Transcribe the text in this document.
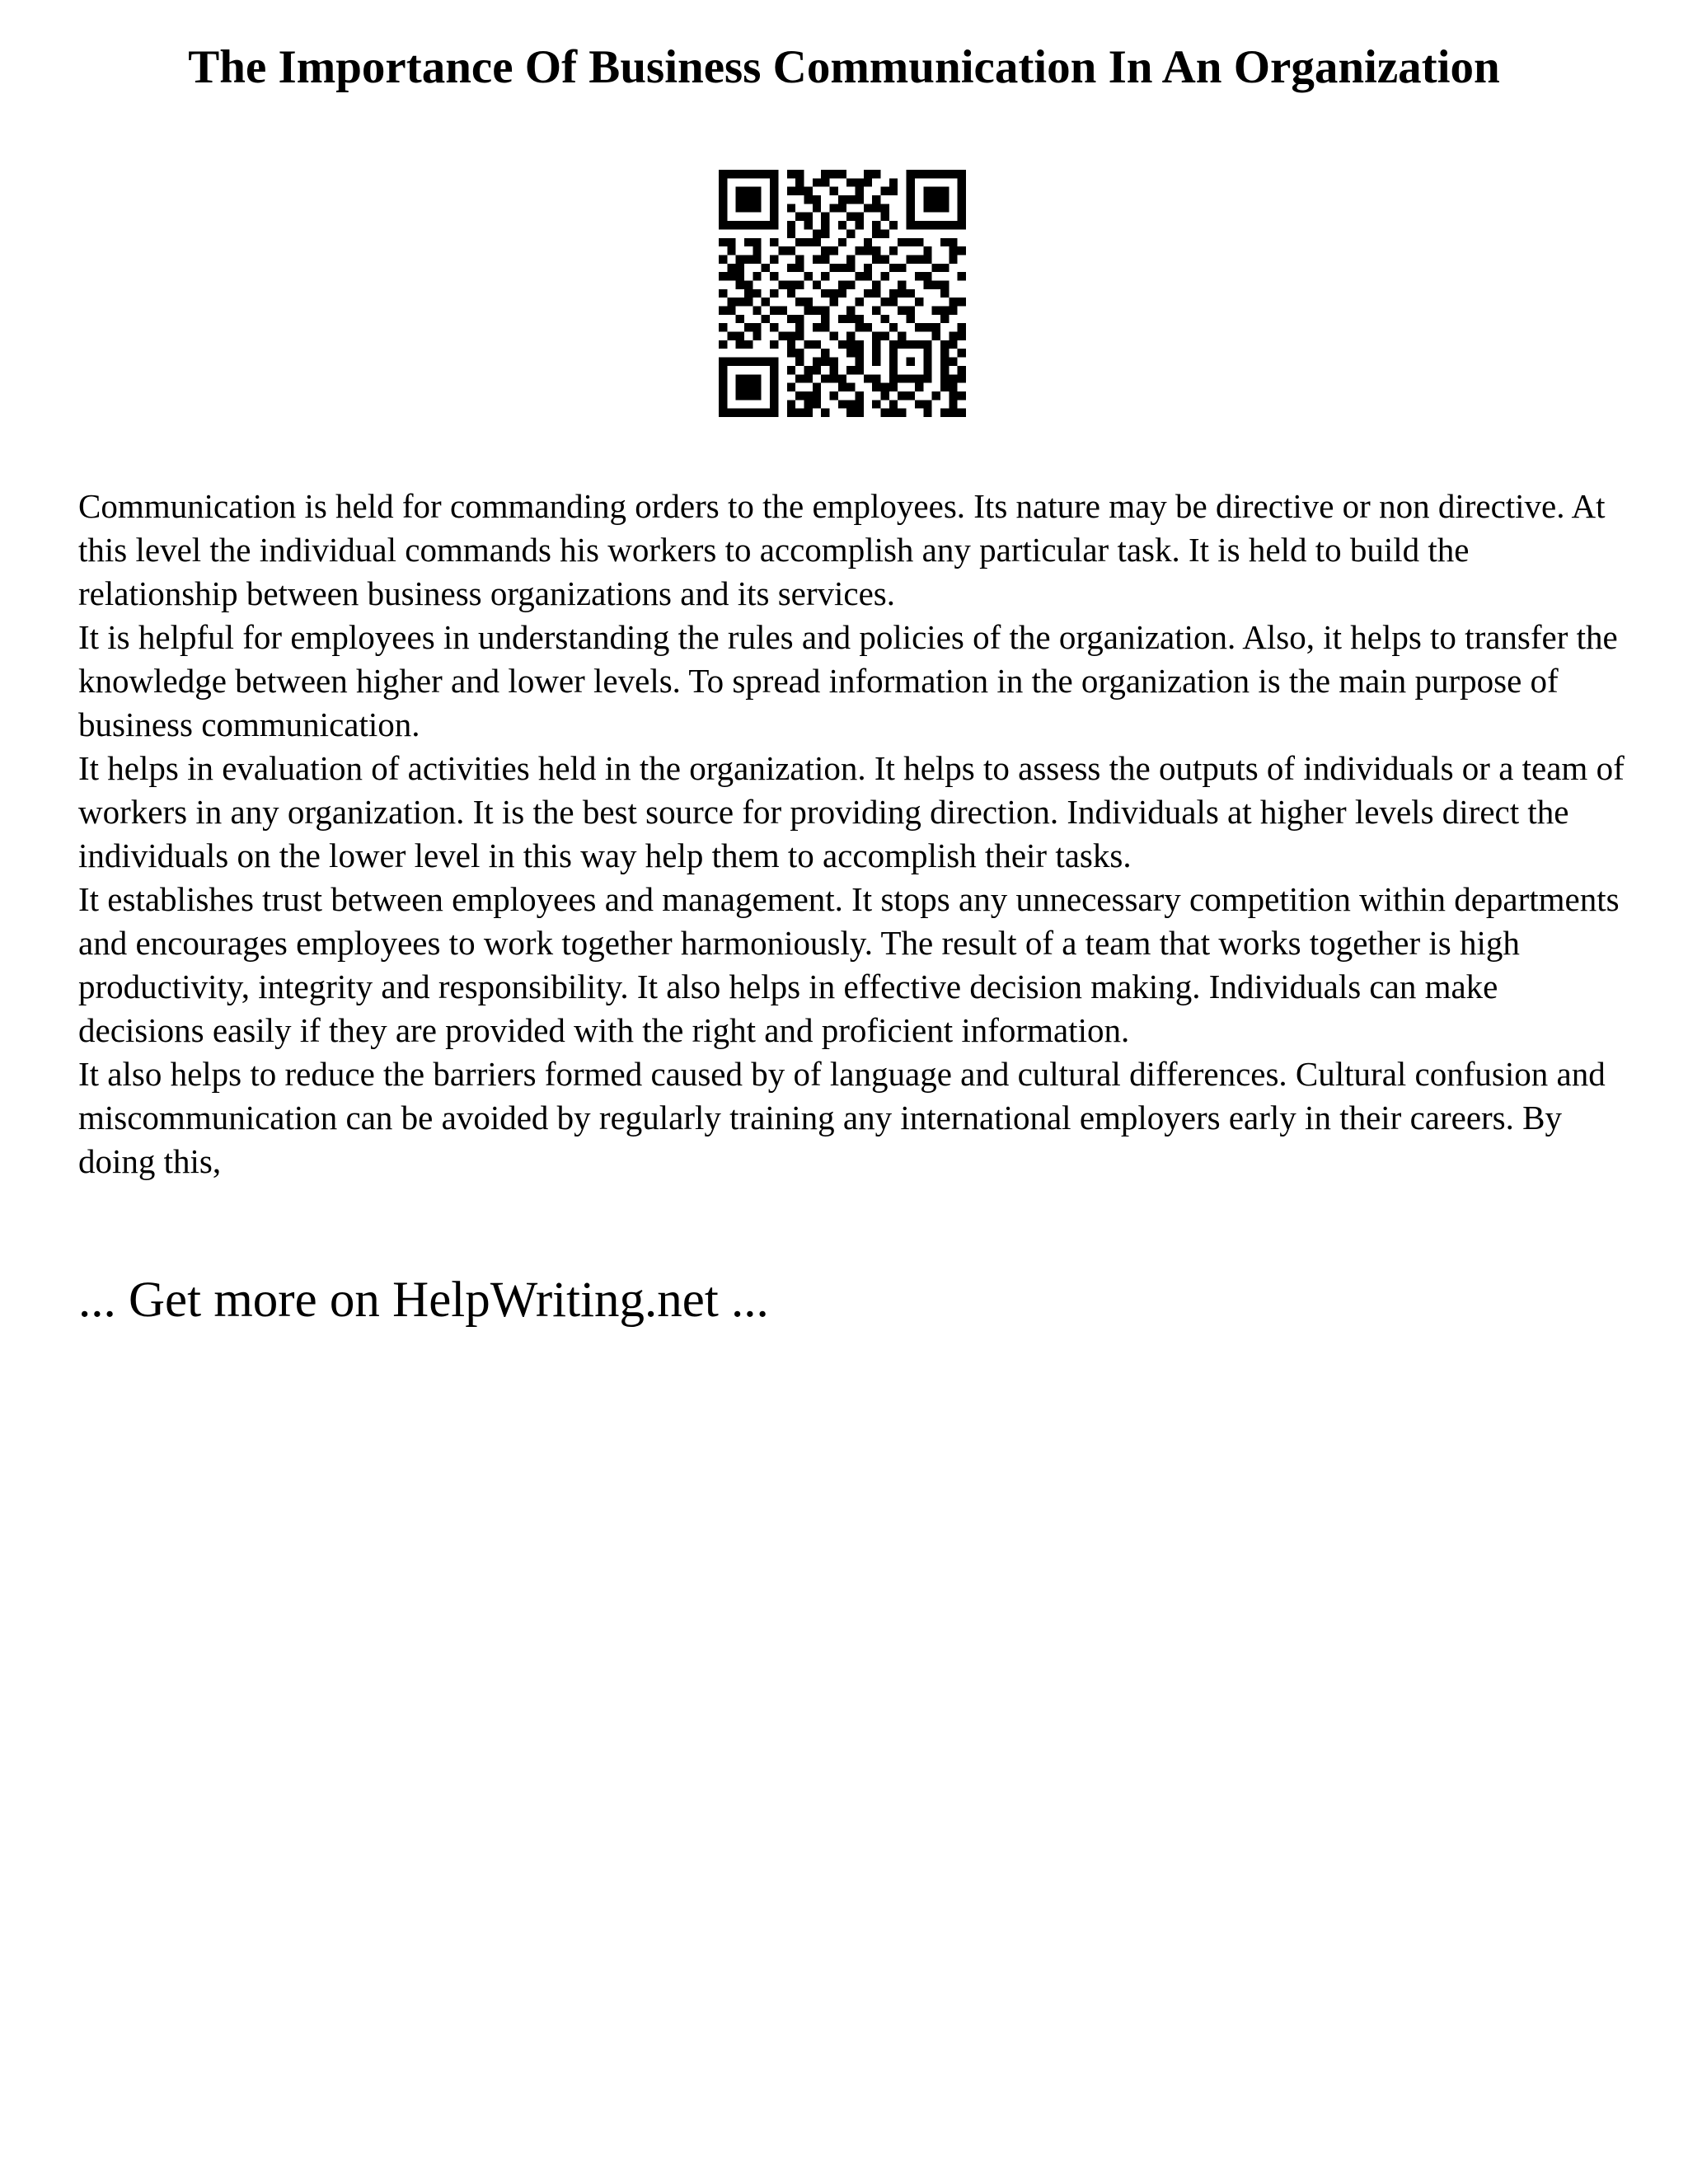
The Importance Of Business Communication In An Organization

Communication is held for commanding orders to the employees. Its nature may be directive or non directive. At this level the individual commands his workers to accomplish any particular task. It is held to build the relationship between business organizations and its services.

It is helpful for employees in understanding the rules and policies of the organization. Also, it helps to transfer the knowledge between higher and lower levels. To spread information in the organization is the main purpose of business communication.

It helps in evaluation of activities held in the organization. It helps to assess the outputs of individuals or a team of workers in any organization. It is the best source for providing direction. Individuals at higher levels direct the individuals on the lower level in this way help them to accomplish their tasks.

It establishes trust between employees and management. It stops any unnecessary competition within departments and encourages employees to work together harmoniously. The result of a team that works together is high productivity, integrity and responsibility. It also helps in effective decision making. Individuals can make decisions easily if they are provided with the right and proficient information.

It also helps to reduce the barriers formed caused by of language and cultural differences. Cultural confusion and miscommunication can be avoided by regularly training any international employers early in their careers. By doing this,

... Get more on HelpWriting.net ...
